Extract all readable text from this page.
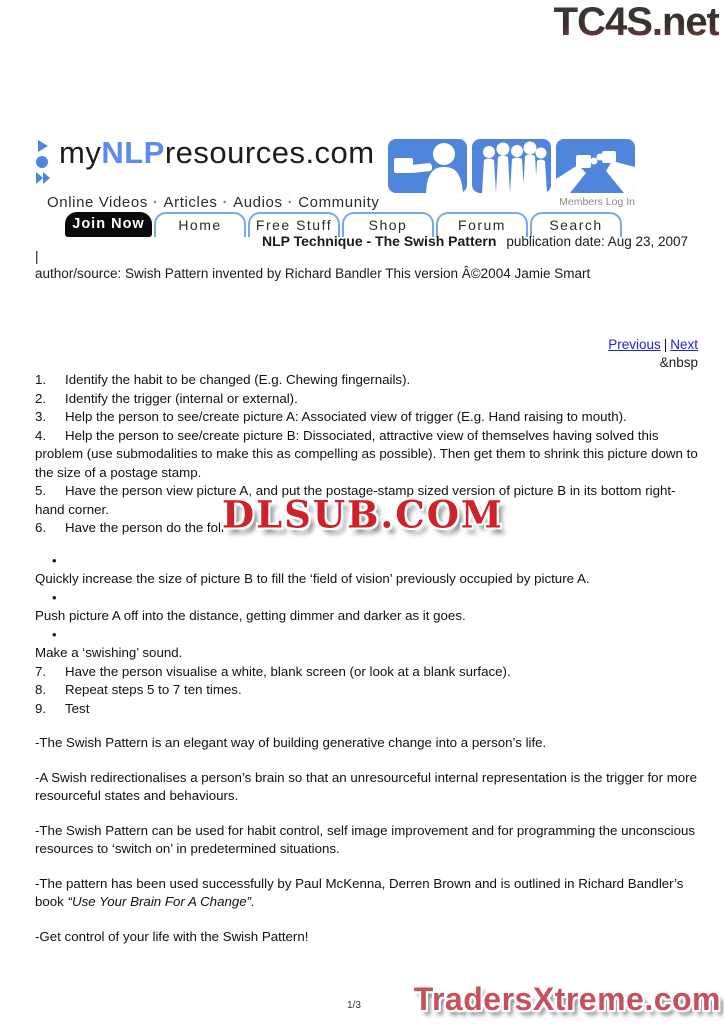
TC4S.net
myNLPresources.com
Online Videos · Articles · Audios · Community	Members Log In
Join Now	Home	Free Stuff	Shop	Forum	Search
NLP Technique - The Swish Pattern publication date: Aug 23, 2007
|
author/source: Swish Pattern invented by Richard Bandler This version Â©2004 Jamie Smart
Previous | Next
&nbsp
1. Identify the habit to be changed (E.g. Chewing fingernails).
2. Identify the trigger (internal or external).
3. Help the person to see/create picture A: Associated view of trigger (E.g. Hand raising to mouth).
4. Help the person to see/create picture B: Dissociated, attractive view of themselves having solved this problem (use submodalities to make this as compelling as possible). Then get them to shrink this picture down to the size of a postage stamp.
5. Have the person view picture A, and put the postage-stamp sized version of picture B in its bottom right-hand corner.
6. Have the person do the foll
•
Quickly increase the size of picture B to fill the ‘field of vision’ previously occupied by picture A.
•
Push picture A off into the distance, getting dimmer and darker as it goes.
•
Make a ‘swishing’ sound.
7. Have the person visualise a white, blank screen (or look at a blank surface).
8. Repeat steps 5 to 7 ten times.
9. Test
-The Swish Pattern is an elegant way of building generative change into a person’s life.
-A Swish redirectionalises a person’s brain so that an unresourceful internal representation is the trigger for more resourceful states and behaviours.
-The Swish Pattern can be used for habit control, self image improvement and for programming the unconscious resources to ‘switch on’ in predetermined situations.
-The pattern has been used successfully by Paul McKenna, Derren Brown and is outlined in Richard Bandler’s book “Use Your Brain For A Change”.
-Get control of your life with the Swish Pattern!
DLSUB.COM
1/3 TradersXtreme.com
